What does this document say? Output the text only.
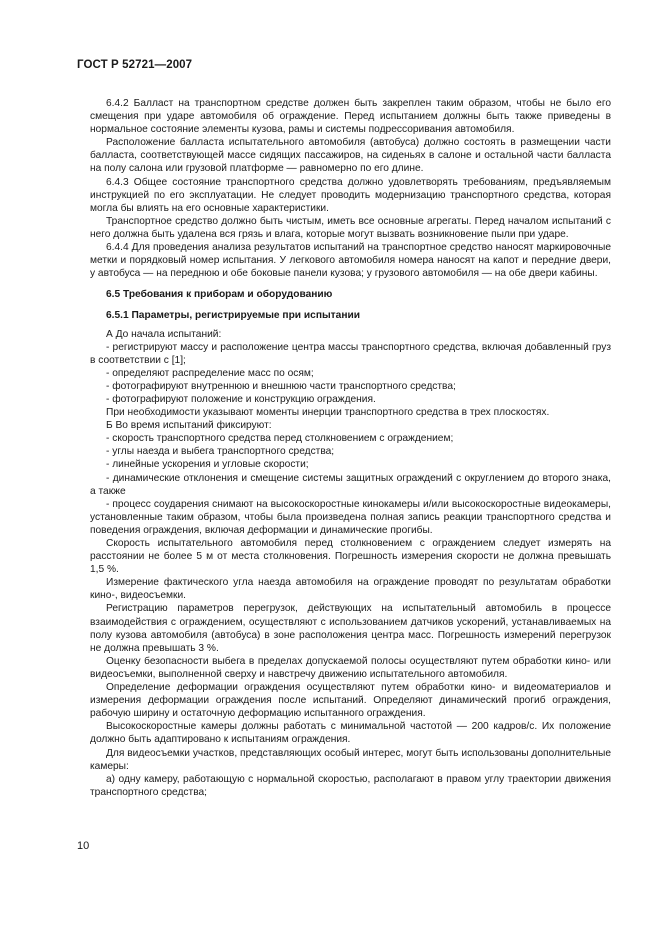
ГОСТ Р 52721—2007

6.4.2 Балласт на транспортном средстве должен быть закреплен таким образом, чтобы не было его смещения при ударе автомобиля об ограждение. Перед испытанием должны быть также приведены в нормальное состояние элементы кузова, рамы и системы подрессоривания автомобиля.

Расположение балласта испытательного автомобиля (автобуса) должно состоять в размещении части балласта, соответствующей массе сидящих пассажиров, на сиденьях в салоне и остальной части балласта на полу салона или грузовой платформе — равномерно по его длине.

6.4.3 Общее состояние транспортного средства должно удовлетворять требованиям, предъявляемым инструкцией по его эксплуатации. Не следует проводить модернизацию транспортного средства, которая могла бы влиять на его основные характеристики.

Транспортное средство должно быть чистым, иметь все основные агрегаты. Перед началом испытаний с него должна быть удалена вся грязь и влага, которые могут вызвать возникновение пыли при ударе.

6.4.4 Для проведения анализа результатов испытаний на транспортное средство наносят маркировочные метки и порядковый номер испытания. У легкового автомобиля номера наносят на капот и передние двери, у автобуса — на переднюю и обе боковые панели кузова; у грузового автомобиля — на обе двери кабины.

6.5 Требования к приборам и оборудованию

6.5.1 Параметры, регистрируемые при испытании

А До начала испытаний:

- регистрируют массу и расположение центра массы транспортного средства, включая добавленный груз в соответствии с [1];

- определяют распределение масс по осям;

- фотографируют внутреннюю и внешнюю части транспортного средства;

- фотографируют положение и конструкцию ограждения.

При необходимости указывают моменты инерции транспортного средства в трех плоскостях.

Б Во время испытаний фиксируют:

- скорость транспортного средства перед столкновением с ограждением;

- углы наезда и выбега транспортного средства;

- линейные ускорения и угловые скорости;

- динамические отклонения и смещение системы защитных ограждений с округлением до второго знака, а также

- процесс соударения снимают на высокоскоростные кинокамеры и/или высокоскоростные видеокамеры, установленные таким образом, чтобы была произведена полная запись реакции транспортного средства и поведения ограждения, включая деформации и динамические прогибы.

Скорость испытательного автомобиля перед столкновением с ограждением следует измерять на расстоянии не более 5 м от места столкновения. Погрешность измерения скорости не должна превышать 1,5 %.

Измерение фактического угла наезда автомобиля на ограждение проводят по результатам обработки кино-, видеосъемки.

Регистрацию параметров перегрузок, действующих на испытательный автомобиль в процессе взаимодействия с ограждением, осуществляют с использованием датчиков ускорений, устанавливаемых на полу кузова автомобиля (автобуса) в зоне расположения центра масс. Погрешность измерений перегрузок не должна превышать 3 %.

Оценку безопасности выбега в пределах допускаемой полосы осуществляют путем обработки кино- или видеосъемки, выполненной сверху и навстречу движению испытательного автомобиля.

Определение деформации ограждения осуществляют путем обработки кино- и видеоматериалов и измерения деформации ограждения после испытаний. Определяют динамический прогиб ограждения, рабочую ширину и остаточную деформацию испытанного ограждения.

Высокоскоростные камеры должны работать с минимальной частотой — 200 кадров/с. Их положение должно быть адаптировано к испытаниям ограждения.

Для видеосъемки участков, представляющих особый интерес, могут быть использованы дополнительные камеры:

а) одну камеру, работающую с нормальной скоростью, располагают в правом углу траектории движения транспортного средства;

10
